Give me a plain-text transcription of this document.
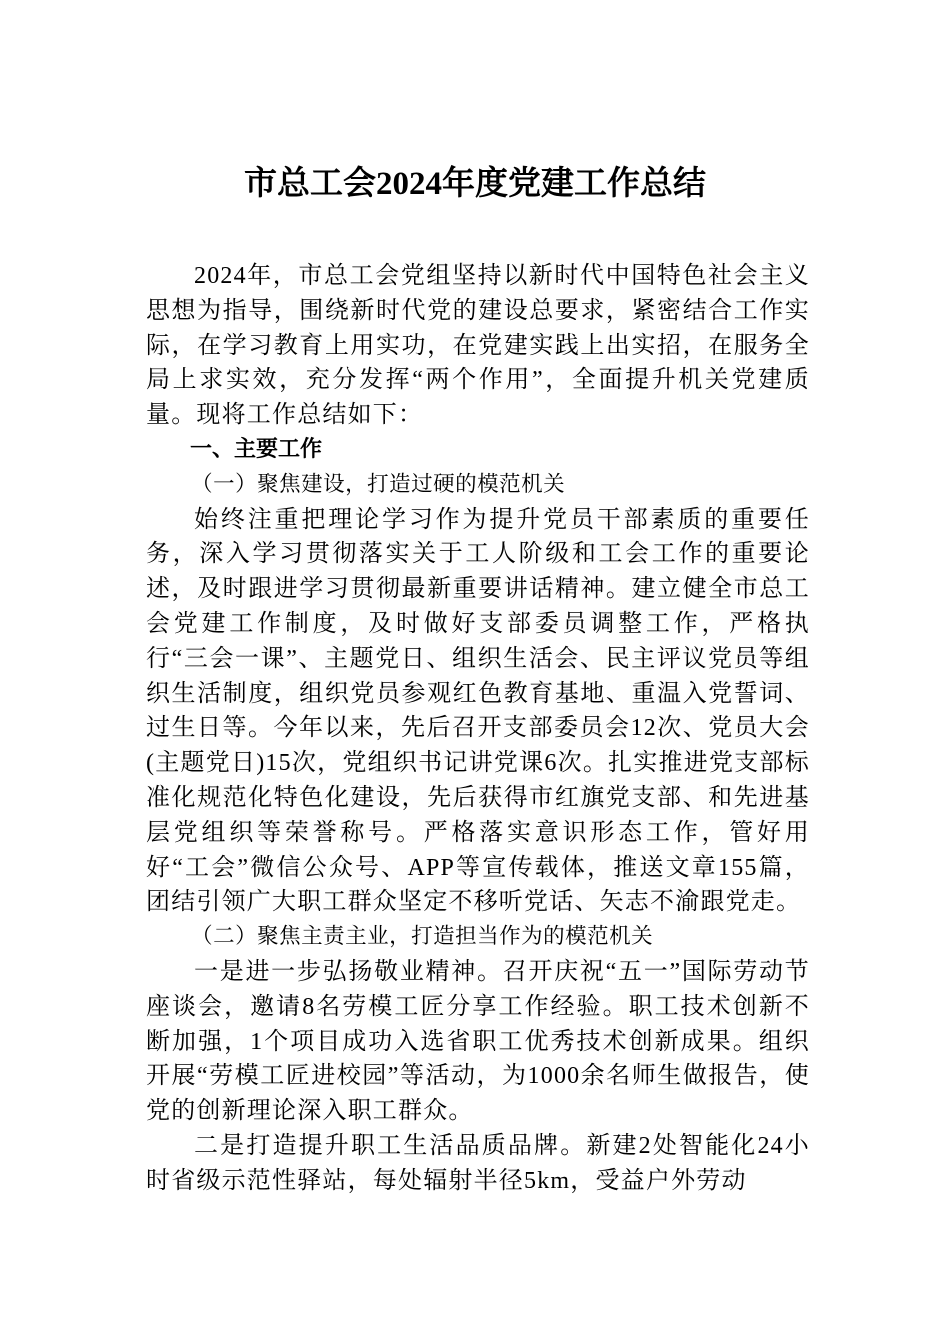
市总工会2024年度党建工作总结

2024年，市总工会党组坚持以新时代中国特色社会主义思想为指导，围绕新时代党的建设总要求，紧密结合工作实际，在学习教育上用实功，在党建实践上出实招，在服务全局上求实效，充分发挥“两个作用”，全面提升机关党建质量。现将工作总结如下：

一、主要工作

（一）聚焦建设，打造过硬的模范机关

始终注重把理论学习作为提升党员干部素质的重要任务，深入学习贯彻落实关于工人阶级和工会工作的重要论述，及时跟进学习贯彻最新重要讲话精神。建立健全市总工会党建工作制度，及时做好支部委员调整工作，严格执行“三会一课”、主题党日、组织生活会、民主评议党员等组织生活制度，组织党员参观红色教育基地、重温入党誓词、过生日等。今年以来，先后召开支部委员会12次、党员大会(主题党日)15次，党组织书记讲党课6次。扎实推进党支部标准化规范化特色化建设，先后获得市红旗党支部、和先进基层党组织等荣誉称号。严格落实意识形态工作，管好用好“工会”微信公众号、APP等宣传载体，推送文章155篇，团结引领广大职工群众坚定不移听党话、矢志不渝跟党走。

（二）聚焦主责主业，打造担当作为的模范机关

一是进一步弘扬敬业精神。召开庆祝“五一”国际劳动节座谈会，邀请8名劳模工匠分享工作经验。职工技术创新不断加强，1个项目成功入选省职工优秀技术创新成果。组织开展“劳模工匠进校园”等活动，为1000余名师生做报告，使党的创新理论深入职工群众。

二是打造提升职工生活品质品牌。新建2处智能化24小时省级示范性驿站，每处辐射半径5km，受益户外劳动
